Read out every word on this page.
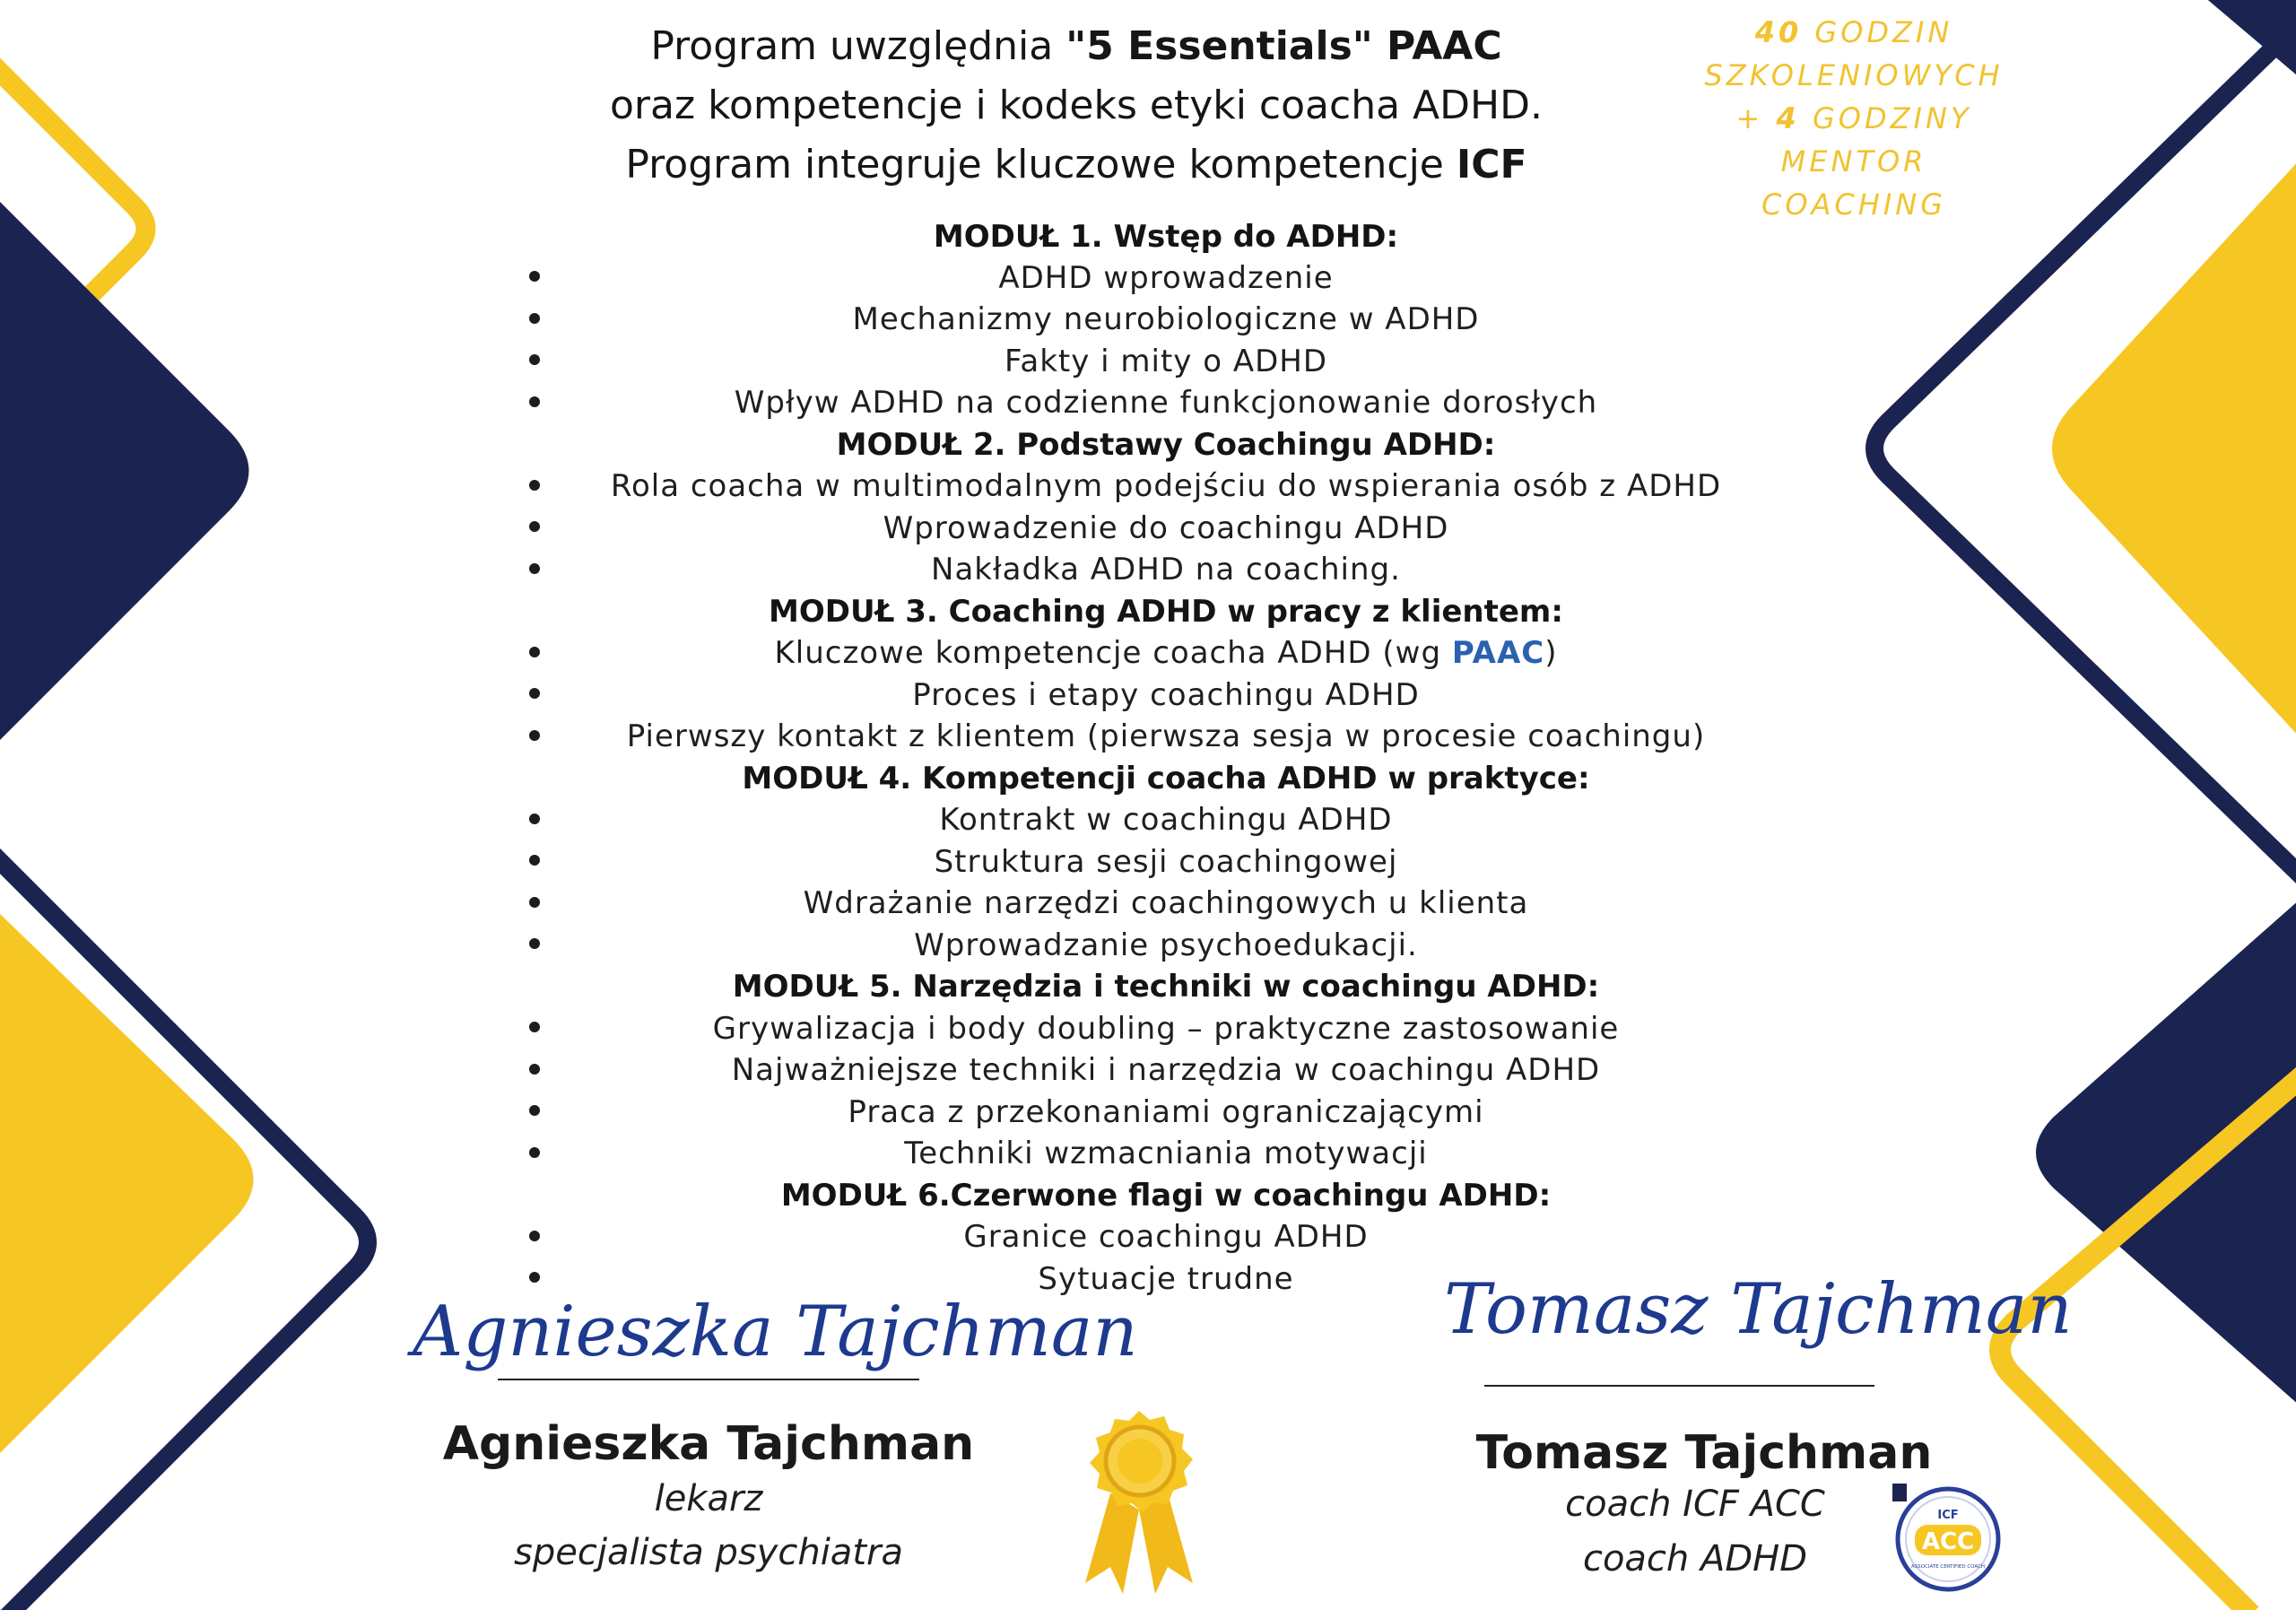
Program uwzględnia "5 Essentials" PAAC
oraz kompetencje i kodeks etyki coacha ADHD.
Program integruje kluczowe kompetencje ICF
40 GODZIN
SZKOLENIOWYCH
+ 4 GODZINY
MENTOR
COACHING
MODUŁ 1. Wstęp do ADHD:
ADHD wprowadzenie
Mechanizmy neurobiologiczne w ADHD
Fakty i mity o ADHD
Wpływ ADHD na codzienne funkcjonowanie dorosłych
MODUŁ 2. Podstawy Coachingu ADHD:
Rola coacha w multimodalnym podejściu do wspierania osób z ADHD
Wprowadzenie do coachingu ADHD
Nakładka ADHD na coaching.
MODUŁ 3. Coaching ADHD w pracy z klientem:
Kluczowe kompetencje coacha ADHD (wg PAAC)
Proces i etapy coachingu ADHD
Pierwszy kontakt z klientem (pierwsza sesja w procesie coachingu)
MODUŁ 4. Kompetencji coacha ADHD w praktyce:
Kontrakt w coachingu ADHD
Struktura sesji coachingowej
Wdrażanie narzędzi coachingowych u klienta
Wprowadzanie psychoedukacji.
MODUŁ 5. Narzędzia i techniki w coachingu ADHD:
Grywalizacja i body doubling – praktyczne zastosowanie
Najważniejsze techniki i narzędzia w coachingu ADHD
Praca z przekonaniami ograniczającymi
Techniki wzmacniania motywacji
MODUŁ 6.Czerwone flagi w coachingu ADHD:
Granice coachingu ADHD
Sytuacje trudne
Agnieszka Tajchman
Agnieszka Tajchman
lekarz
specjalista psychiatra
Tomasz Tajchman
Tomasz Tajchman
coach ICF ACC
coach ADHD
ICF
ACC
ASSOCIATE CERTIFIED COACH
